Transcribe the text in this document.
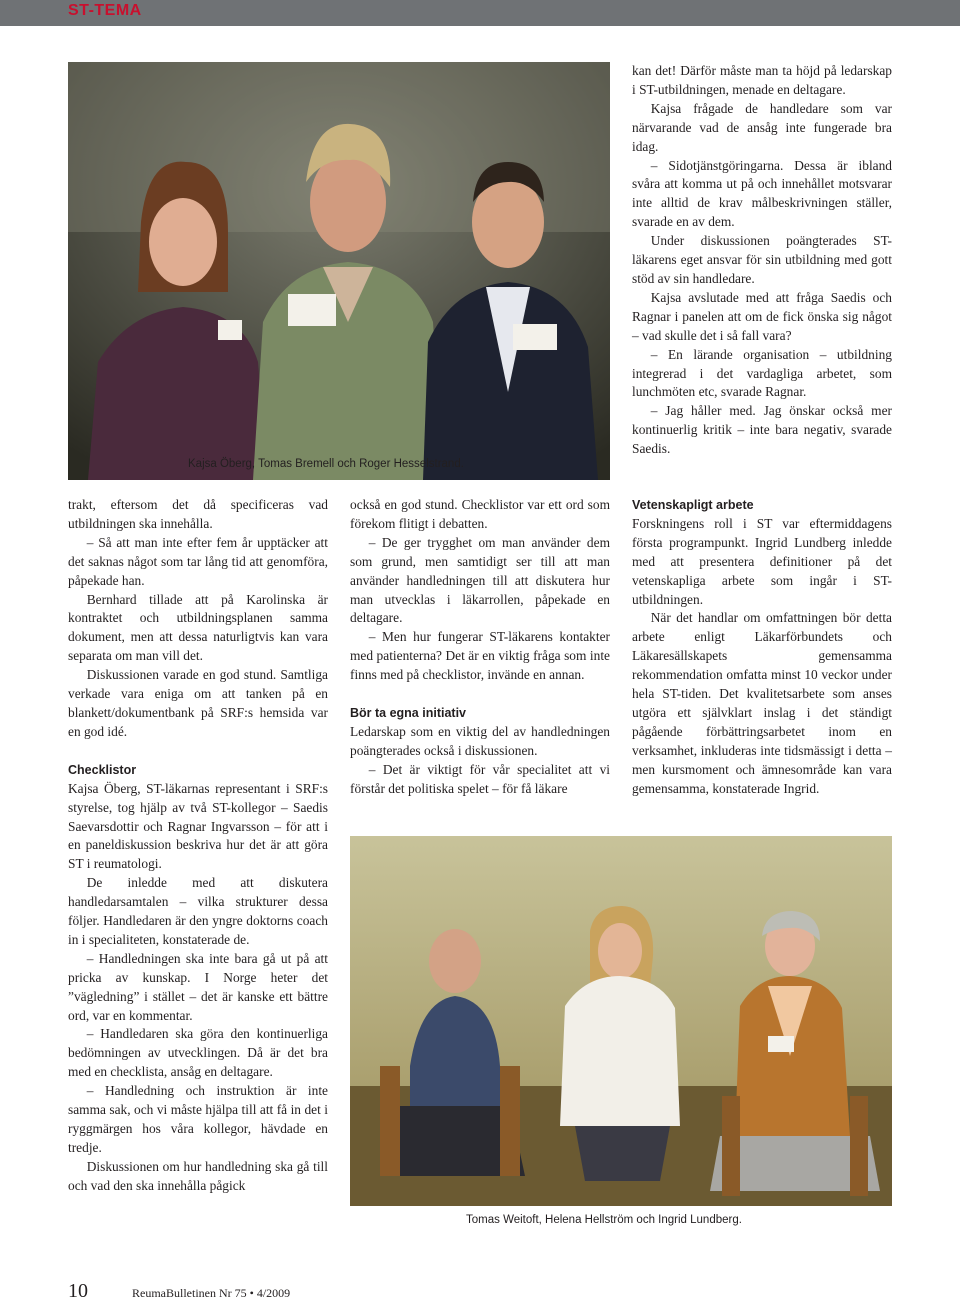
ST-TEMA
Kajsa Öberg, Tomas Bremell och Roger Hesselstrand.

kan det! Därför måste man ta höjd på ledarskap i ST-utbildningen, menade en deltagare.

Kajsa frågade de handledare som var närvarande vad de ansåg inte fungerade bra idag.

– Sidotjänstgöringarna. Dessa är ibland svåra att komma ut på och innehållet motsvarar inte alltid de krav målbeskrivningen ställer, svarade en av dem.

Under diskussionen poängterades ST-läkarens eget ansvar för sin utbildning med gott stöd av sin handledare.

Kajsa avslutade med att fråga Saedis och Ragnar i panelen att om de fick önska sig något – vad skulle det i så fall vara?

– En lärande organisation – utbildning integrerad i det vardagliga arbetet, som lunchmöten etc, svarade Ragnar.

– Jag håller med. Jag önskar också mer kontinuerlig kritik – inte bara negativ, svarade Saedis.

trakt, eftersom det då specificeras vad utbildningen ska innehålla.

– Så att man inte efter fem år upptäcker att det saknas något som tar lång tid att genomföra, påpekade han.

Bernhard tillade att på Karolinska är kontraktet och utbildningsplanen samma dokument, men att dessa naturligtvis kan vara separata om man vill det.

Diskussionen varade en god stund. Samtliga verkade vara eniga om att tanken på en blankett/dokumentbank på SRF:s hemsida var en god idé.

Checklistor

Kajsa Öberg, ST-läkarnas representant i SRF:s styrelse, tog hjälp av två ST-kollegor – Saedis Saevarsdottir och Ragnar Ingvarsson – för att i en paneldiskussion beskriva hur det är att göra ST i reumatologi.

De inledde med att diskutera handledarsamtalen – vilka strukturer dessa följer. Handledaren är den yngre doktorns coach in i specialiteten, konstaterade de.

– Handledningen ska inte bara gå ut på att pricka av kunskap. I Norge heter det ”vägledning” i stället – det är kanske ett bättre ord, var en kommentar.

– Handledaren ska göra den kontinuerliga bedömningen av utvecklingen. Då är det bra med en checklista, ansåg en deltagare.

– Handledning och instruktion är inte samma sak, och vi måste hjälpa till att få in det i ryggmärgen hos våra kollegor, hävdade en tredje.

Diskussionen om hur handledning ska gå till och vad den ska innehålla pågick

också en god stund. Checklistor var ett ord som förekom flitigt i debatten.

– De ger trygghet om man använder dem som grund, men samtidigt ser till att man använder handledningen till att diskutera hur man utvecklas i läkarrollen, påpekade en deltagare.

– Men hur fungerar ST-läkarens kontakter med patienterna? Det är en viktig fråga som inte finns med på checklistor, invände en annan.

Bör ta egna initiativ

Ledarskap som en viktig del av handledningen poängterades också i diskussionen.

– Det är viktigt för vår specialitet att vi förstår det politiska spelet – för få läkare

Vetenskapligt arbete

Forskningens roll i ST var eftermiddagens första programpunkt. Ingrid Lundberg inledde med att presentera definitioner på det vetenskapliga arbete som ingår i ST-utbildningen.

När det handlar om omfattningen bör detta arbete enligt Läkarförbundets och Läkaresällskapets gemensamma rekommendation omfatta minst 10 veckor under hela ST-tiden. Det kvalitetsarbete som anses utgöra ett självklart inslag i det ständigt pågående förbättringsarbetet inom en verksamhet, inkluderas inte tidsmässigt i detta – men kursmoment och ämnesområde kan vara gemensamma, konstaterade Ingrid.

Tomas Weitoft, Helena Hellström och Ingrid Lundberg.
10	ReumaBulletinen Nr 75 • 4/2009
